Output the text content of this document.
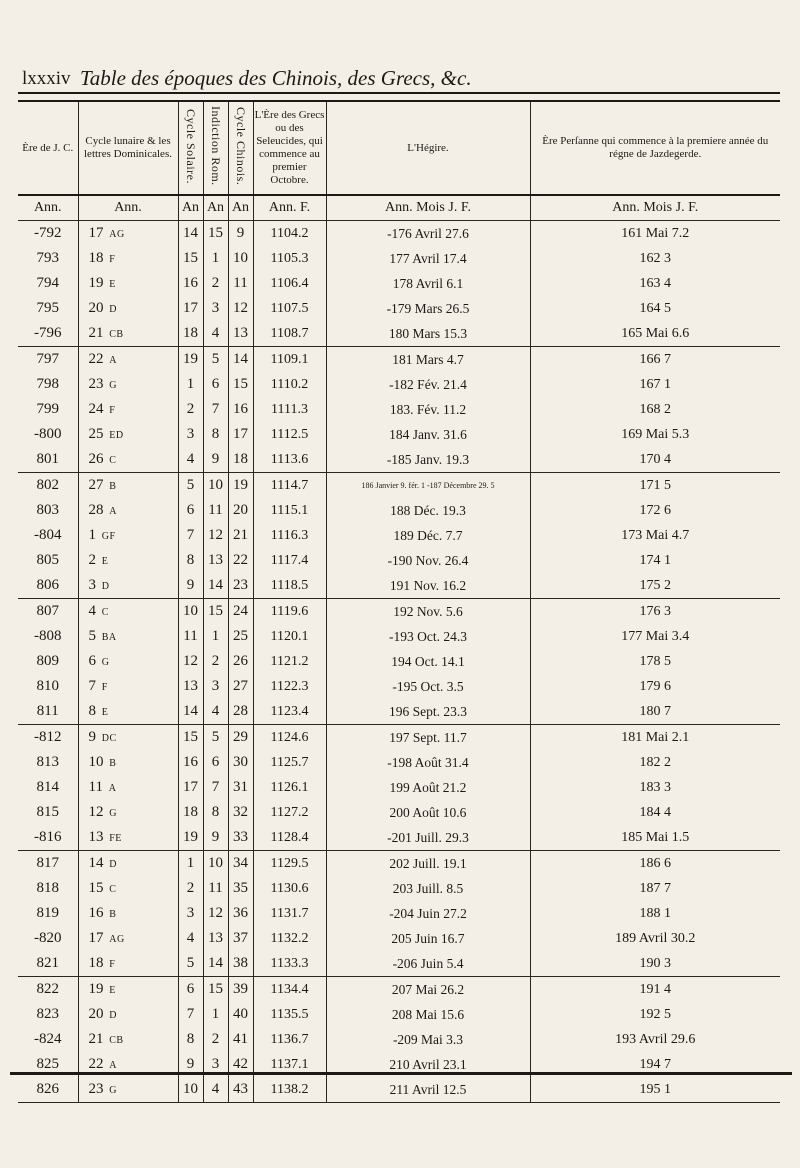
lxxxiv Table des époques des Chinois, des Grecs, &c.
Ère de J. C.	Cycle lunaire & les lettres Dominicales.	Cycle Solaire.	Indiction Rom.	Cycle Chinois.	L'Ère des Grecs ou des Seleucides, qui commence au premier Octobre.	L'Hégire.	Ère Perſanne qui commence à la premiere année du régne de Jazdegerde.
Ann.	Ann.	An	An	An	Ann. F.	Ann. Mois J. F.	Ann. Mois J. F.
-792	17 AG	14	15	9	1104.2	-176 Avril 27.6	161 Mai 7.2
793	18 F	15	1	10	1105.3	177 Avril 17.4	162 3
794	19 E	16	2	11	1106.4	178 Avril 6.1	163 4
795	20 D	17	3	12	1107.5	-179 Mars 26.5	164 5
-796	21 CB	18	4	13	1108.7	180 Mars 15.3	165 Mai 6.6
797	22 A	19	5	14	1109.1	181 Mars 4.7	166 7
798	23 G	1	6	15	1110.2	-182 Fév. 21.4	167 1
799	24 F	2	7	16	1111.3	183. Fév. 11.2	168 2
-800	25 ED	3	8	17	1112.5	184 Janv. 31.6	169 Mai 5.3
801	26 C	4	9	18	1113.6	-185 Janv. 19.3	170 4
802	27 B	5	10	19	1114.7	186 Janvier 9. fér. 1 -187 Décembre 29. 5	171 5
803	28 A	6	11	20	1115.1	188 Déc. 19.3	172 6
-804	1 GF	7	12	21	1116.3	189 Déc. 7.7	173 Mai 4.7
805	2 E	8	13	22	1117.4	-190 Nov. 26.4	174 1
806	3 D	9	14	23	1118.5	191 Nov. 16.2	175 2
807	4 C	10	15	24	1119.6	192 Nov. 5.6	176 3
-808	5 BA	11	1	25	1120.1	-193 Oct. 24.3	177 Mai 3.4
809	6 G	12	2	26	1121.2	194 Oct. 14.1	178 5
810	7 F	13	3	27	1122.3	-195 Oct. 3.5	179 6
811	8 E	14	4	28	1123.4	196 Sept. 23.3	180 7
-812	9 DC	15	5	29	1124.6	197 Sept. 11.7	181 Mai 2.1
813	10 B	16	6	30	1125.7	-198 Août 31.4	182 2
814	11 A	17	7	31	1126.1	199 Août 21.2	183 3
815	12 G	18	8	32	1127.2	200 Août 10.6	184 4
-816	13 FE	19	9	33	1128.4	-201 Juill. 29.3	185 Mai 1.5
817	14 D	1	10	34	1129.5	202 Juill. 19.1	186 6
818	15 C	2	11	35	1130.6	203 Juill. 8.5	187 7
819	16 B	3	12	36	1131.7	-204 Juin 27.2	188 1
-820	17 AG	4	13	37	1132.2	205 Juin 16.7	189 Avril 30.2
821	18 F	5	14	38	1133.3	-206 Juin 5.4	190 3
822	19 E	6	15	39	1134.4	207 Mai 26.2	191 4
823	20 D	7	1	40	1135.5	208 Mai 15.6	192 5
-824	21 CB	8	2	41	1136.7	-209 Mai 3.3	193 Avril 29.6
825	22 A	9	3	42	1137.1	210 Avril 23.1	194 7
826	23 G	10	4	43	1138.2	211 Avril 12.5	195 1
